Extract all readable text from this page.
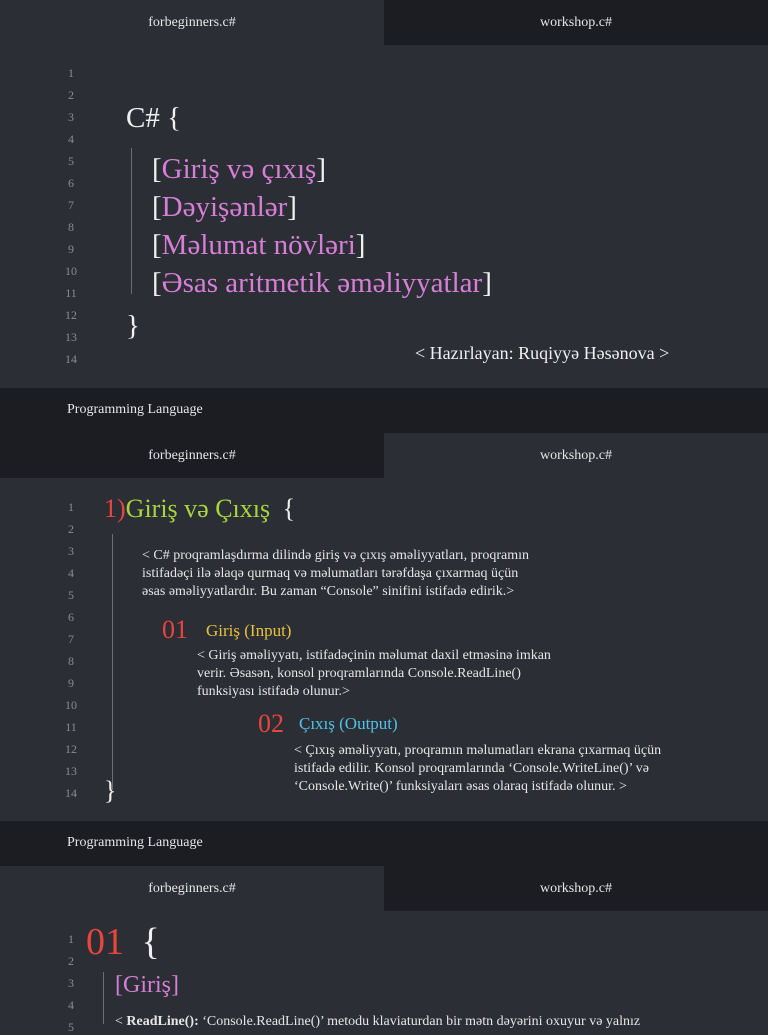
forbeginners.c#	workshop.c#
1
2
3
4
5
6
7
8
9
10
11
12
13
14
C# {
[Giriş və çıxış]
[Dəyişənlər]
[Məlumat növləri]
[Əsas aritmetik əməliyyatlar]
}
< Hazırlayan: Ruqiyyə Həsənova >
Programming Language
forbeginners.c#	workshop.c#
1
2
3
4
5
6
7
8
9
10
11
12
13
14
1)Giriş və Çıxış {
< C# proqramlaşdırma dilində giriş və çıxış əməliyyatları, proqramın
istifadəçi ilə əlaqə qurmaq və məlumatları tərəfdaşa çıxarmaq üçün
əsas əməliyyatlardır. Bu zaman “Console” sinifini istifadə edirik.>
01 Giriş (Input)
< Giriş əməliyyatı, istifadəçinin məlumat daxil etməsinə imkan
verir. Əsasən, konsol proqramlarında Console.ReadLine()
funksiyası istifadə olunur.>
02 Çıxış (Output)
< Çıxış əməliyyatı, proqramın məlumatları ekrana çıxarmaq üçün
istifadə edilir. Konsol proqramlarında ‘Console.WriteLine()’ və
‘Console.Write()’ funksiyaları əsas olaraq istifadə olunur. >
}
Programming Language
forbeginners.c#	workshop.c#
1
2
3
4
5
01 {
[Giriş]
< ReadLine(): ‘Console.ReadLine()’ metodu klaviaturdan bir mətn dəyərini oxuyur və yalnız
